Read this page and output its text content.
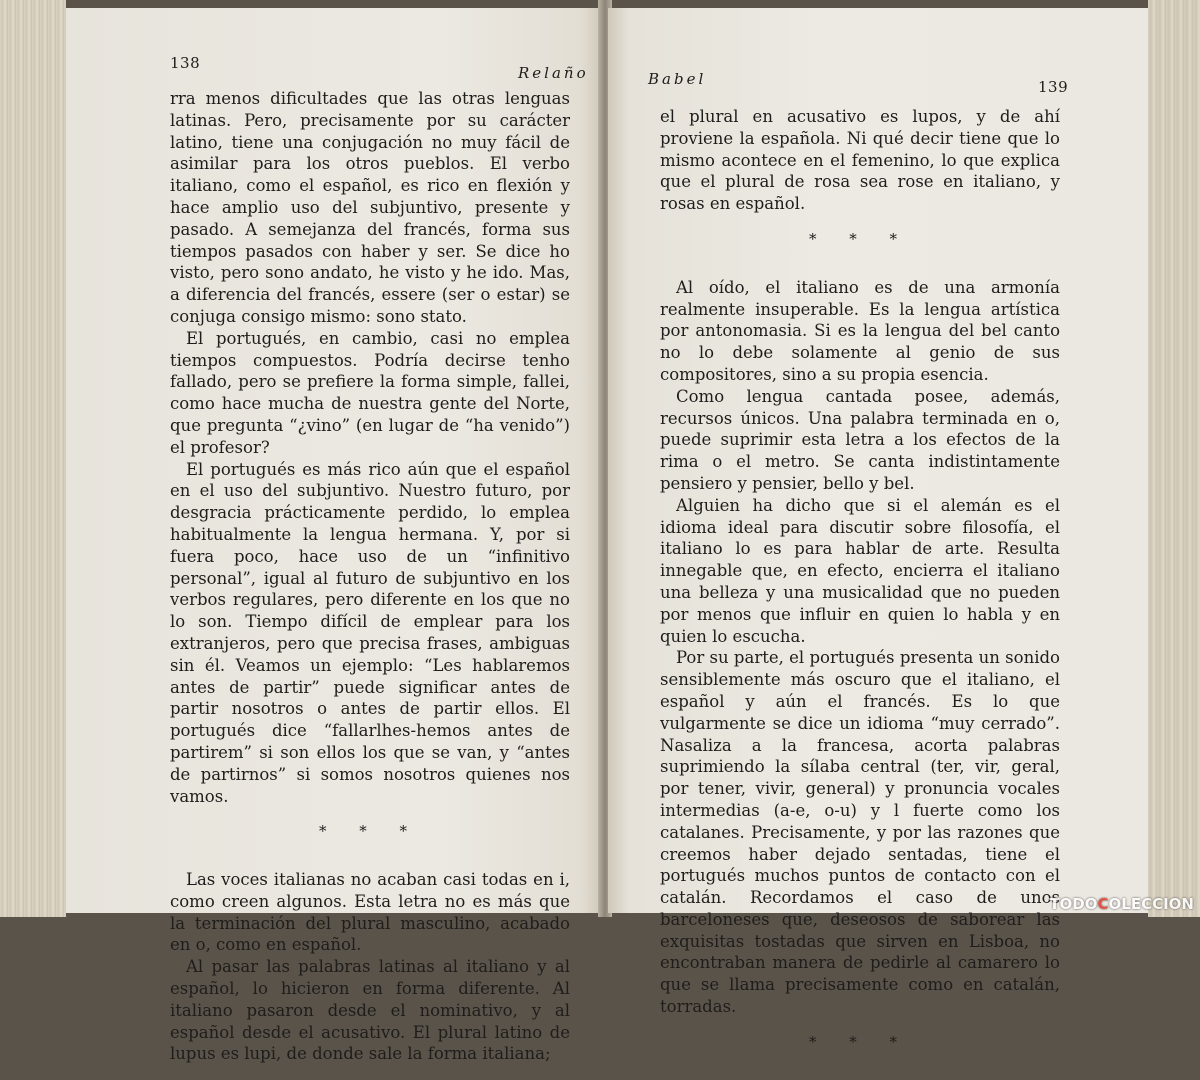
138
Relaño

rra menos dificultades que las otras lenguas latinas. Pero, precisamente por su carácter latino, tiene una conjugación no muy fácil de asimilar para los otros pueblos. El verbo italiano, como el español, es rico en flexión y hace amplio uso del subjuntivo, presente y pasado. A semejanza del francés, forma sus tiempos pasados con haber y ser. Se dice ho visto, pero sono andato, he visto y he ido. Mas, a diferencia del francés, essere (ser o estar) se conjuga consigo mismo: sono stato.

El portugués, en cambio, casi no emplea tiempos compuestos. Podría decirse tenho fallado, pero se prefiere la forma simple, fallei, como hace mucha de nuestra gente del Norte, que pregunta “¿vino” (en lugar de “ha venido”) el profesor?

El portugués es más rico aún que el español en el uso del subjuntivo. Nuestro futuro, por desgracia prácticamente perdido, lo emplea habitualmente la lengua hermana. Y, por si fuera poco, hace uso de un “infinitivo personal”, igual al futuro de subjuntivo en los verbos regulares, pero diferente en los que no lo son. Tiempo difícil de emplear para los extranjeros, pero que precisa frases, ambiguas sin él. Veamos un ejemplo: “Les hablaremos antes de partir” puede significar antes de partir nosotros o antes de partir ellos. El portugués dice “fallarlhes-hemos antes de partirem” si son ellos los que se van, y “antes de partirnos” si somos nosotros quienes nos vamos.

* * *

Las voces italianas no acaban casi todas en i, como creen algunos. Esta letra no es más que la terminación del plural masculino, acabado en o, como en español.

Al pasar las palabras latinas al italiano y al español, lo hicieron en forma diferente. Al italiano pasaron desde el nominativo, y al español desde el acusativo. El plural latino de lupus es lupi, de donde sale la forma italiana;

Babel	139

el plural en acusativo es lupos, y de ahí proviene la española. Ni qué decir tiene que lo mismo acontece en el femenino, lo que explica que el plural de rosa sea rose en italiano, y rosas en español.

* * *

Al oído, el italiano es de una armonía realmente insuperable. Es la lengua artística por antonomasia. Si es la lengua del bel canto no lo debe solamente al genio de sus compositores, sino a su propia esencia.

Como lengua cantada posee, además, recursos únicos. Una palabra terminada en o, puede suprimir esta letra a los efectos de la rima o el metro. Se canta indistintamente pensiero y pensier, bello y bel.

Alguien ha dicho que si el alemán es el idioma ideal para discutir sobre filosofía, el italiano lo es para hablar de arte. Resulta innegable que, en efecto, encierra el italiano una belleza y una musicalidad que no pueden por menos que influir en quien lo habla y en quien lo escucha.

Por su parte, el portugués presenta un sonido sensiblemente más oscuro que el italiano, el español y aún el francés. Es lo que vulgarmente se dice un idioma “muy cerrado”. Nasaliza a la francesa, acorta palabras suprimiendo la sílaba central (ter, vir, geral, por tener, vivir, general) y pronuncia vocales intermedias (a-e, o-u) y l fuerte como los catalanes. Precisamente, y por las razones que creemos haber dejado sentadas, tiene el portugués muchos puntos de contacto con el catalán. Recordamos el caso de unos barceloneses que, deseosos de saborear las exquisitas tostadas que sirven en Lisboa, no encontraban manera de pedirle al camarero lo que se llama precisamente como en catalán, torradas.

* * *
TODOCOLECCION
